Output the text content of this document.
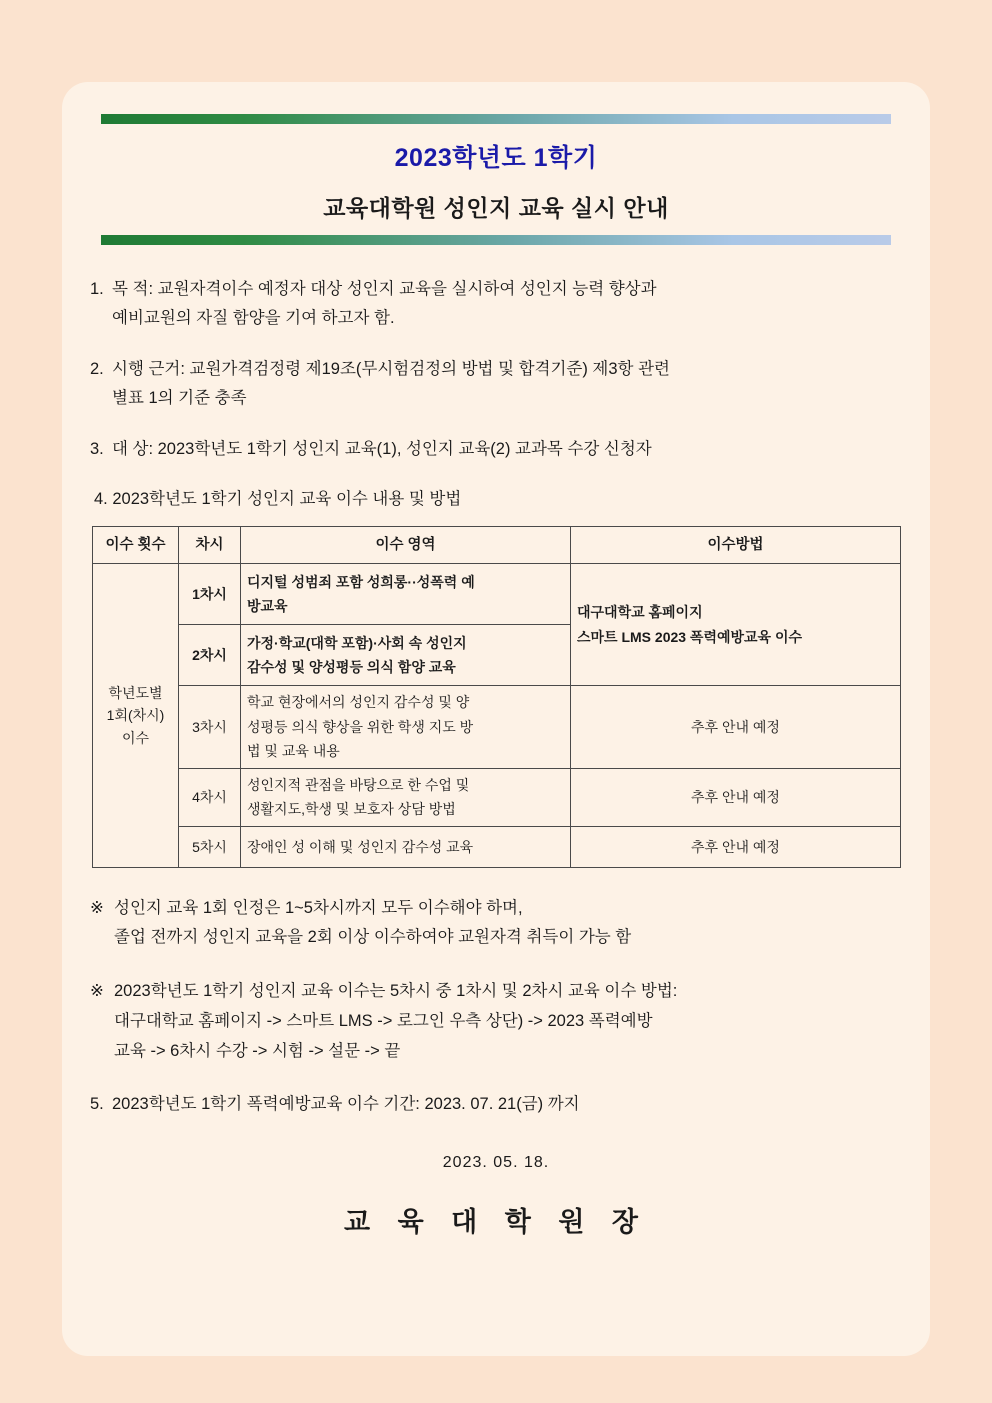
2023학년도 1학기
교육대학원 성인지 교육 실시 안내
1. 목 적: 교원자격이수 예정자 대상 성인지 교육을 실시하여 성인지 능력 향상과
예비교원의 자질 함양을 기여 하고자 함.
2. 시행 근거: 교원가격검정령 제19조(무시험검정의 방법 및 합격기준) 제3항 관련
별표 1의 기준 충족
3. 대 상: 2023학년도 1학기 성인지 교육(1), 성인지 교육(2) 교과목 수강 신청자
4. 2023학년도 1학기 성인지 교육 이수 내용 및 방법
이수 횟수	차시	이수 영역	이수방법

학년도별
1회(차시)
이수	1차시	디지털 성범죄 포함 성희롱··성폭력 예
방교육	대구대학교 홈페이지
스마트 LMS 2023 폭력예방교육 이수

	2차시	가정·학교(대학 포함)·사회 속 성인지
감수성 및 양성평등 의식 함양 교육	

	3차시	학교 현장에서의 성인지 감수성 및 양
성평등 의식 향상을 위한 학생 지도 방
법 및 교육 내용	추후 안내 예정
	4차시	성인지적 관점을 바탕으로 한 수업 및
생활지도,학생 및 보호자 상담 방법	추후 안내 예정
	5차시	장애인 성 이해 및 성인지 감수성 교육	추후 안내 예정
※ 성인지 교육 1회 인정은 1~5차시까지 모두 이수해야 하며,
졸업 전까지 성인지 교육을 2회 이상 이수하여야 교원자격 취득이 가능 함
※ 2023학년도 1학기 성인지 교육 이수는 5차시 중 1차시 및 2차시 교육 이수 방법:
대구대학교 홈페이지 -> 스마트 LMS -> 로그인 우측 상단) -> 2023 폭력예방
교육 -> 6차시 수강 -> 시험 -> 설문 -> 끝
5. 2023학년도 1학기 폭력예방교육 이수 기간: 2023. 07. 21(금) 까지
2023. 05. 18.
교 육 대 학 원 장
